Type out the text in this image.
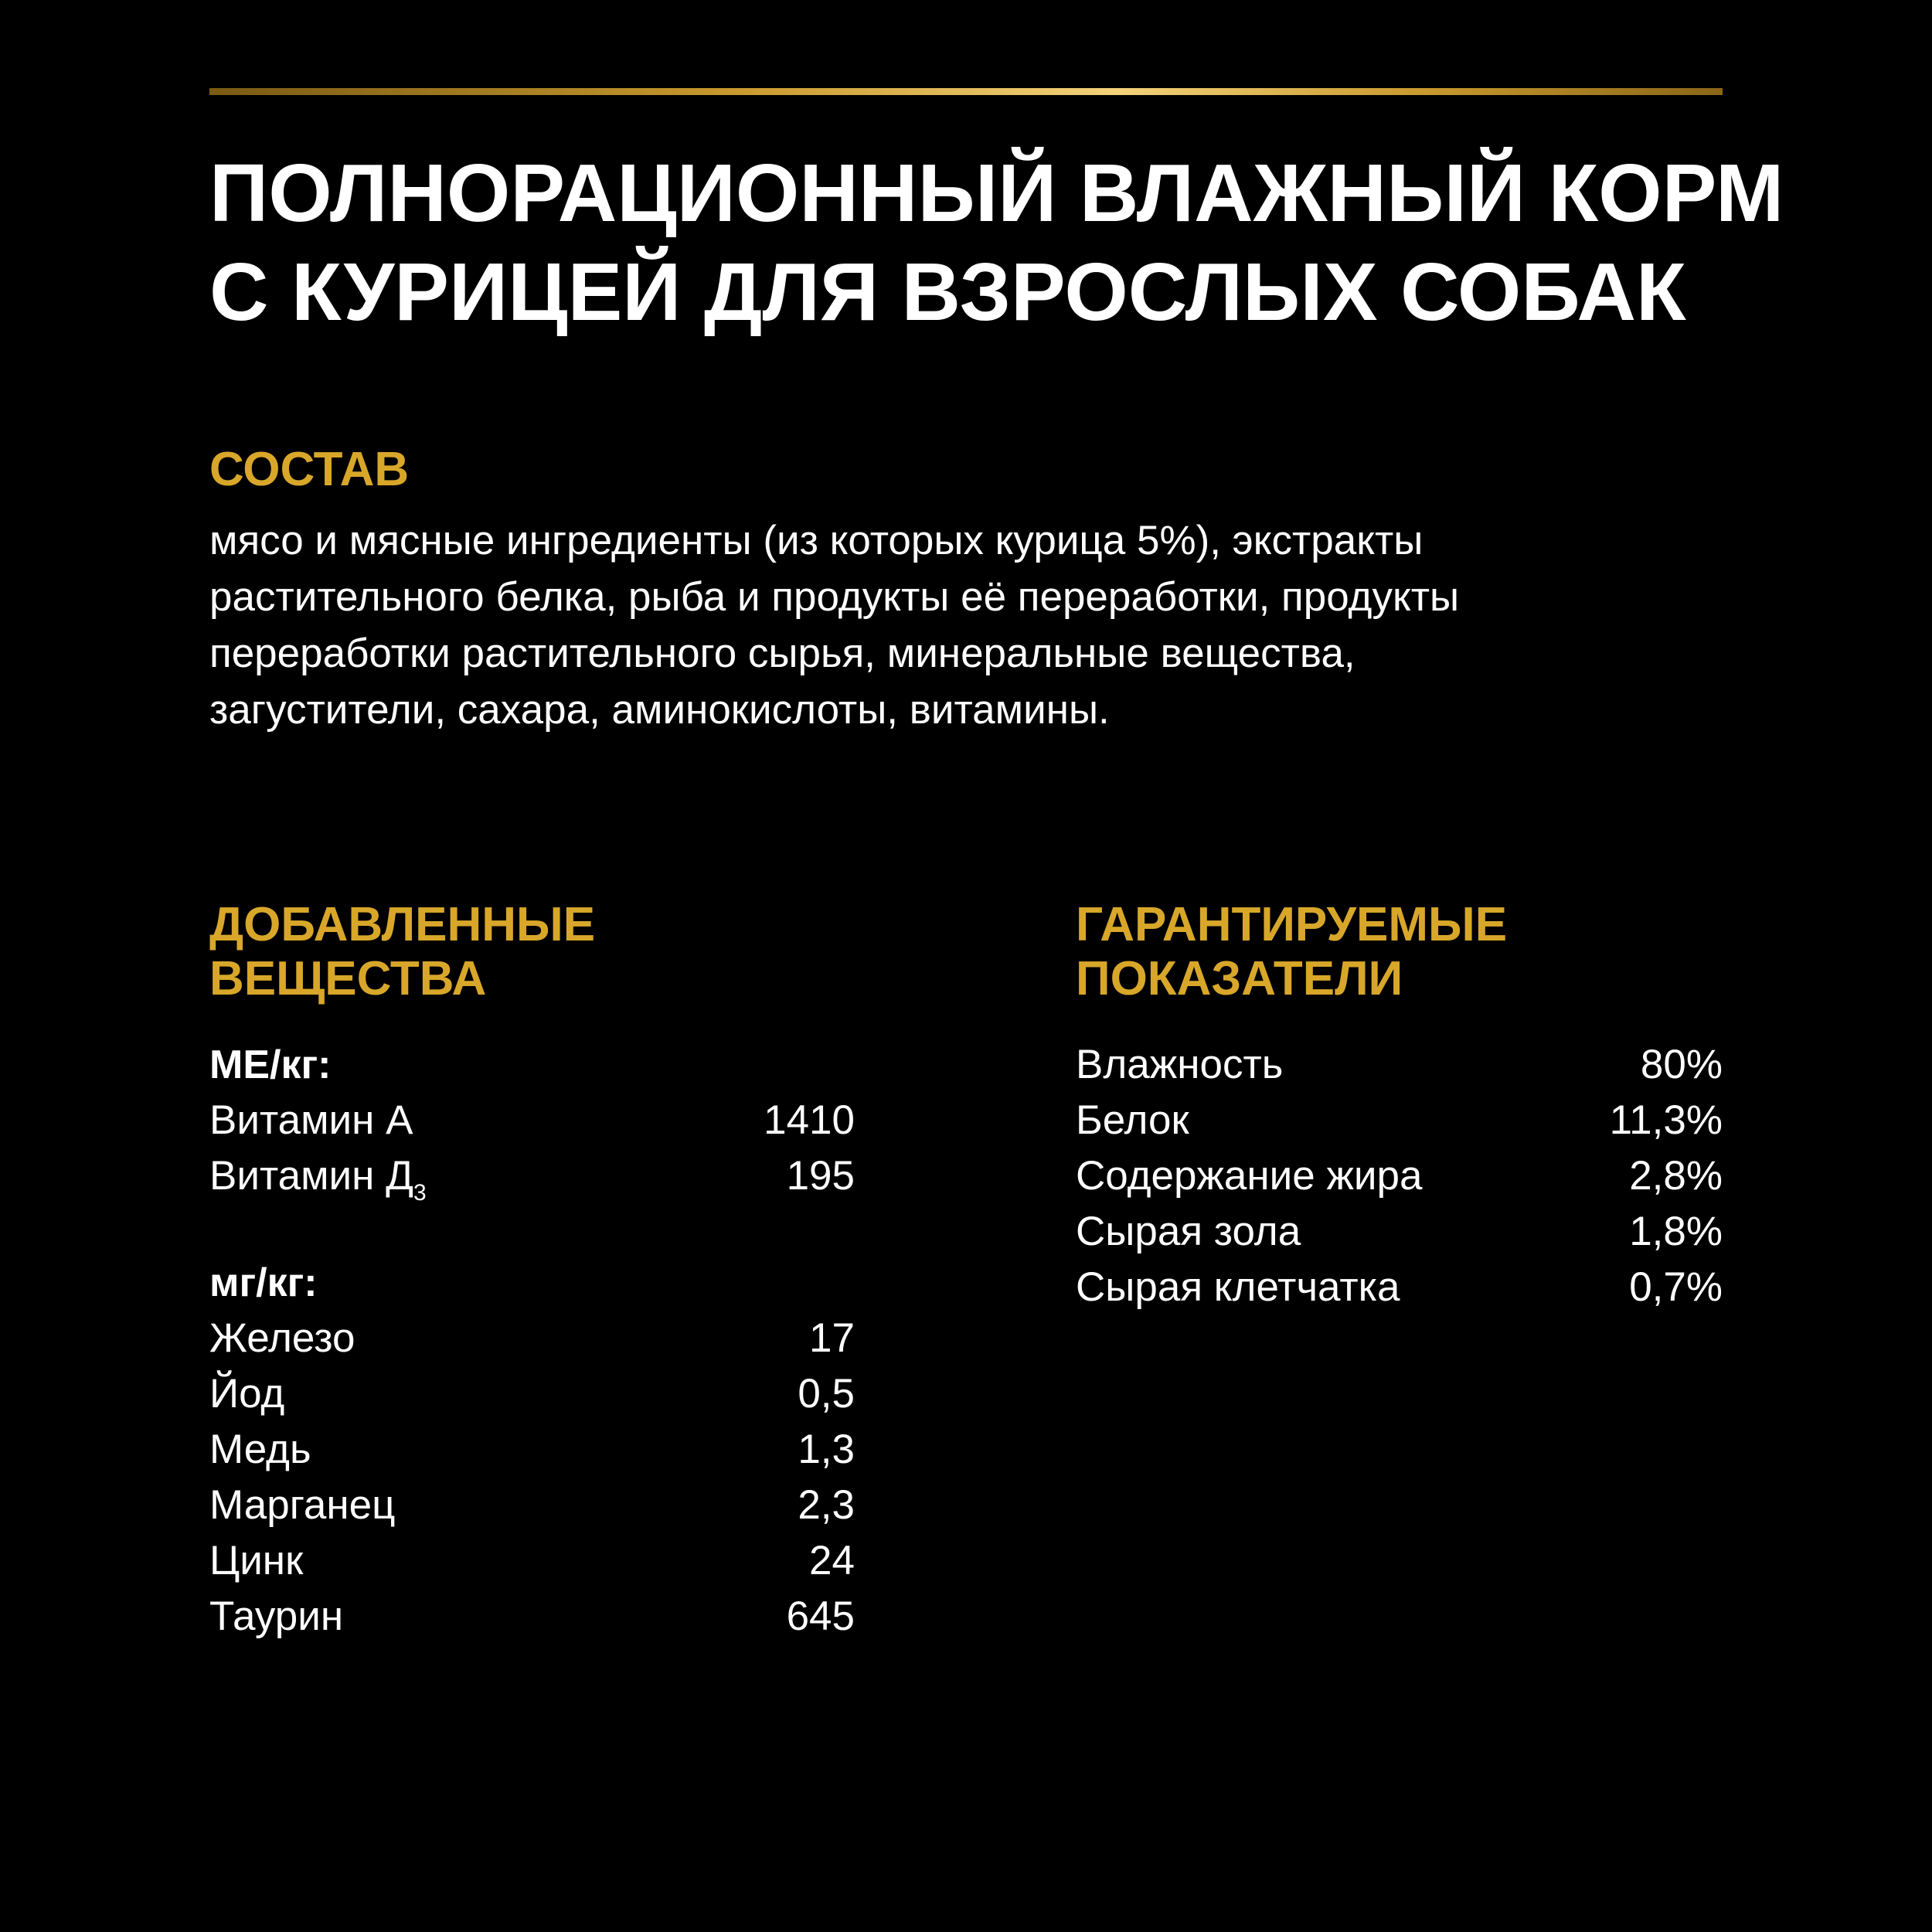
ПОЛНОРАЦИОННЫЙ ВЛАЖНЫЙ КОРМ
С КУРИЦЕЙ ДЛЯ ВЗРОСЛЫХ СОБАК
СОСТАВ

мясо и мясные ингредиенты (из которых курица 5%), экстракты
растительного белка, рыба и продукты её переработки, продукты
переработки растительного сырья, минеральные вещества,
загустители, сахара, аминокислоты, витамины.

ДОБАВЛЕННЫЕ
ВЕЩЕСТВА
МЕ/кг:
Витамин А	1410
Витамин $Д_3$	195
мг/кг:
Железо	17
Йод	0,5
Медь	1,3
Марганец	2,3
Цинк	24
Таурин	645
ГАРАНТИРУЕМЫЕ
ПОКАЗАТЕЛИ
Влажность	80%
Белок	11,3%
Содержание жира	2,8%
Сырая зола	1,8%
Сырая клетчатка	0,7%
